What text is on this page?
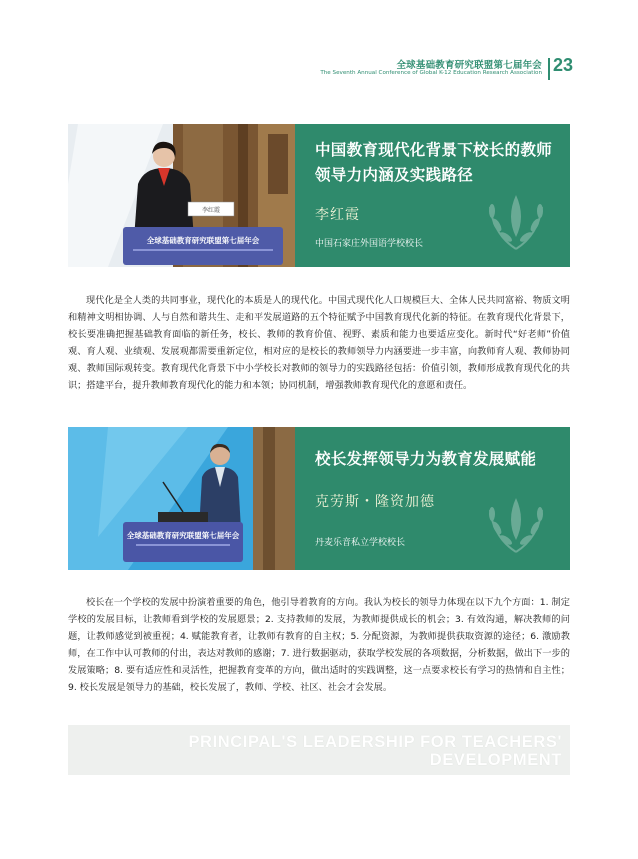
全球基础教育研究联盟第七届年会
The Seventh Annual Conference of Global K-12 Education Research Association 23
李红霞
全球基础教育研究联盟第七届年会
中国教育现代化背景下校长的教师
领导力内涵及实践路径
李红霞
中国石家庄外国语学校校长

现代化是全人类的共同事业，现代化的本质是人的现代化。中国式现代化人口规模巨大、全体人民共同富裕、物质文明和精神文明相协调、人与自然和谐共生、走和平发展道路的五个特征赋予中国教育现代化新的特征。在教育现代化背景下，校长要准确把握基础教育面临的新任务，校长、教师的教育价值、视野、素质和能力也要适应变化。新时代“好老师”价值观、育人观、业绩观、发展观都需要重新定位，相对应的是校长的教师领导力内涵要进一步丰富，向教师育人观、教师协同观、教师国际观转变。教育现代化背景下中小学校长对教师的领导力的实践路径包括：价值引领，教师形成教育现代化的共识；搭建平台，提升教师教育现代化的能力和本领；协同机制，增强教师教育现代化的意愿和责任。

全球基础教育研究联盟第七届年会
校长发挥领导力为教育发展赋能
克劳斯・隆资加德
丹麦乐音私立学校校长

校长在一个学校的发展中扮演着重要的角色，他引导着教育的方向。我认为校长的领导力体现在以下九个方面：1. 制定学校的发展目标，让教师看到学校的发展愿景；2. 支持教师的发展，为教师提供成长的机会；3. 有效沟通，解决教师的问题，让教师感觉到被重视；4. 赋能教育者，让教师有教育的自主权；5. 分配资源，为教师提供获取资源的途径；6. 激励教师，在工作中认可教师的付出，表达对教师的感谢；7. 进行数据驱动，获取学校发展的各项数据，分析数据，做出下一步的发展策略；8. 要有适应性和灵活性，把握教育变革的方向，做出适时的实践调整，这一点要求校长有学习的热情和自主性；9. 校长发展是领导力的基础，校长发展了，教师、学校、社区、社会才会发展。

PRINCIPAL'S LEADERSHIP FOR TEACHERS'
DEVELOPMENT
